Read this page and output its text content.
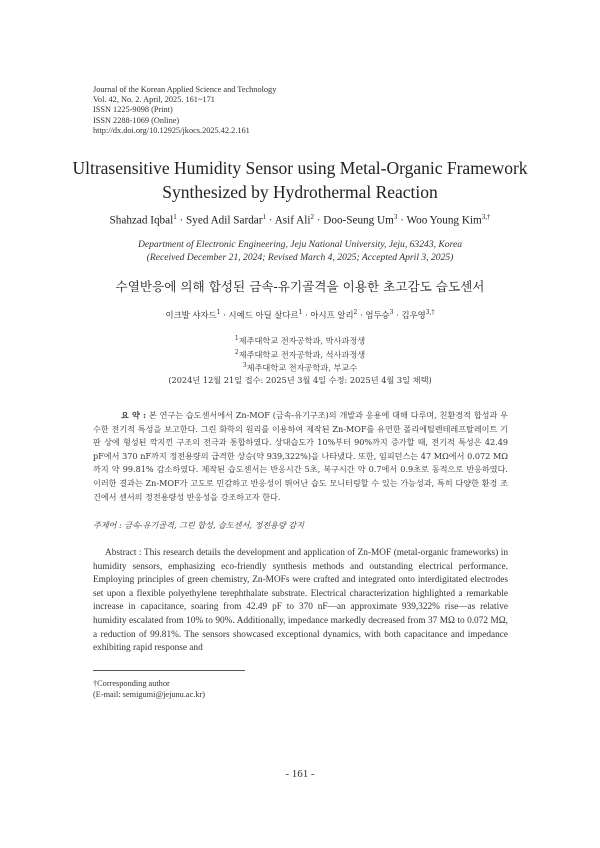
Journal of the Korean Applied Science and Technology
Vol. 42, No. 2. April, 2025. 161~171
ISSN 1225-9098 (Print)
ISSN 2288-1069 (Online)
http://dx.doi.org/10.12925/jkocs.2025.42.2.161
Ultrasensitive Humidity Sensor using Metal-Organic Framework
Synthesized by Hydrothermal Reaction
Shahzad Iqbal$^1$ · Syed Adil Sardar$^1$ · Asif Ali$^2$ · Doo-Seung $Um^3$ · Woo Young Kim$^{3,\dagger}$
Department of Electronic Engineering, Jeju National University, Jeju, 63243, Korea
(Received December 21, 2024; Revised March 4, 2025; Accepted April 3, 2025)
수열반응에 의해 합성된 금속-유기골격을 이용한 초고감도 습도센서
이크발 샤자드$^1$ · 시예드 아딜 살다르$^1$ · 아시프 알리$^2$ · 엄두승$^3$ · 김우영$^{3,\dagger}$
$^1$제주대학교 전자공학과, 박사과정생
$^2$제주대학교 전자공학과, 석사과정생
$^3$제주대학교 전자공학과, 부교수
(2024년 12월 21일 접수: 2025년 3월 4일 수정: 2025년 4월 3일 채택)
요 약 : 본 연구는 습도센서에서 Zn-MOF (금속-유기구조)의 개발과 응용에 대해 다루며, 친환경적 합성과 우수한 전기적 특성을 보고한다. 그린 화학의 원리를 이용하여 제작된 Zn-MOF를 유연한 폴리에틸렌테레프탈레이트 기판 상에 형성된 깍지낀 구조의 전극과 통합하였다. 상대습도가 10%부터 90%까지 증가할 때, 전기적 특성은 42.49 pF에서 370 nF까지 정전용량의 급격한 상승(약 939,322%)을 나타냈다. 또한, 임피던스는 47 MΩ에서 0.072 MΩ까지 약 99.81% 감소하였다. 제작된 습도센서는 반응시간 5초, 복구시간 약 0.7에서 0.9초로 동적으로 반응하였다. 이러한 결과는 Zn-MOF가 고도로 민감하고 반응성이 뛰어난 습도 모니터링할 수 있는 가능성과, 특히 다양한 환경 조건에서 센서의 정전용량성 반응성을 강조하고자 한다.
주제어 : 금속-유기골격, 그린 합성, 습도센서, 정전용량 감지
Abstract : This research details the development and application of Zn-MOF (metal-organic frameworks) in humidity sensors, emphasizing eco-friendly synthesis methods and outstanding electrical performance. Employing principles of green chemistry, Zn-MOFs were crafted and integrated onto interdigitated electrodes set upon a flexible polyethylene terephthalate substrate. Electrical characterization highlighted a remarkable increase in capacitance, soaring from 42.49 pF to 370 nF—an approximate 939,322% rise—as relative humidity escalated from 10% to 90%. Additionally, impedance markedly decreased from 37 MΩ to 0.072 MΩ, a reduction of 99.81%. The sensors showcased exceptional dynamics, with both capacitance and impedance exhibiting rapid response and
†Corresponding author
(E-mail: semigumi@jejunu.ac.kr)
- 161 -
